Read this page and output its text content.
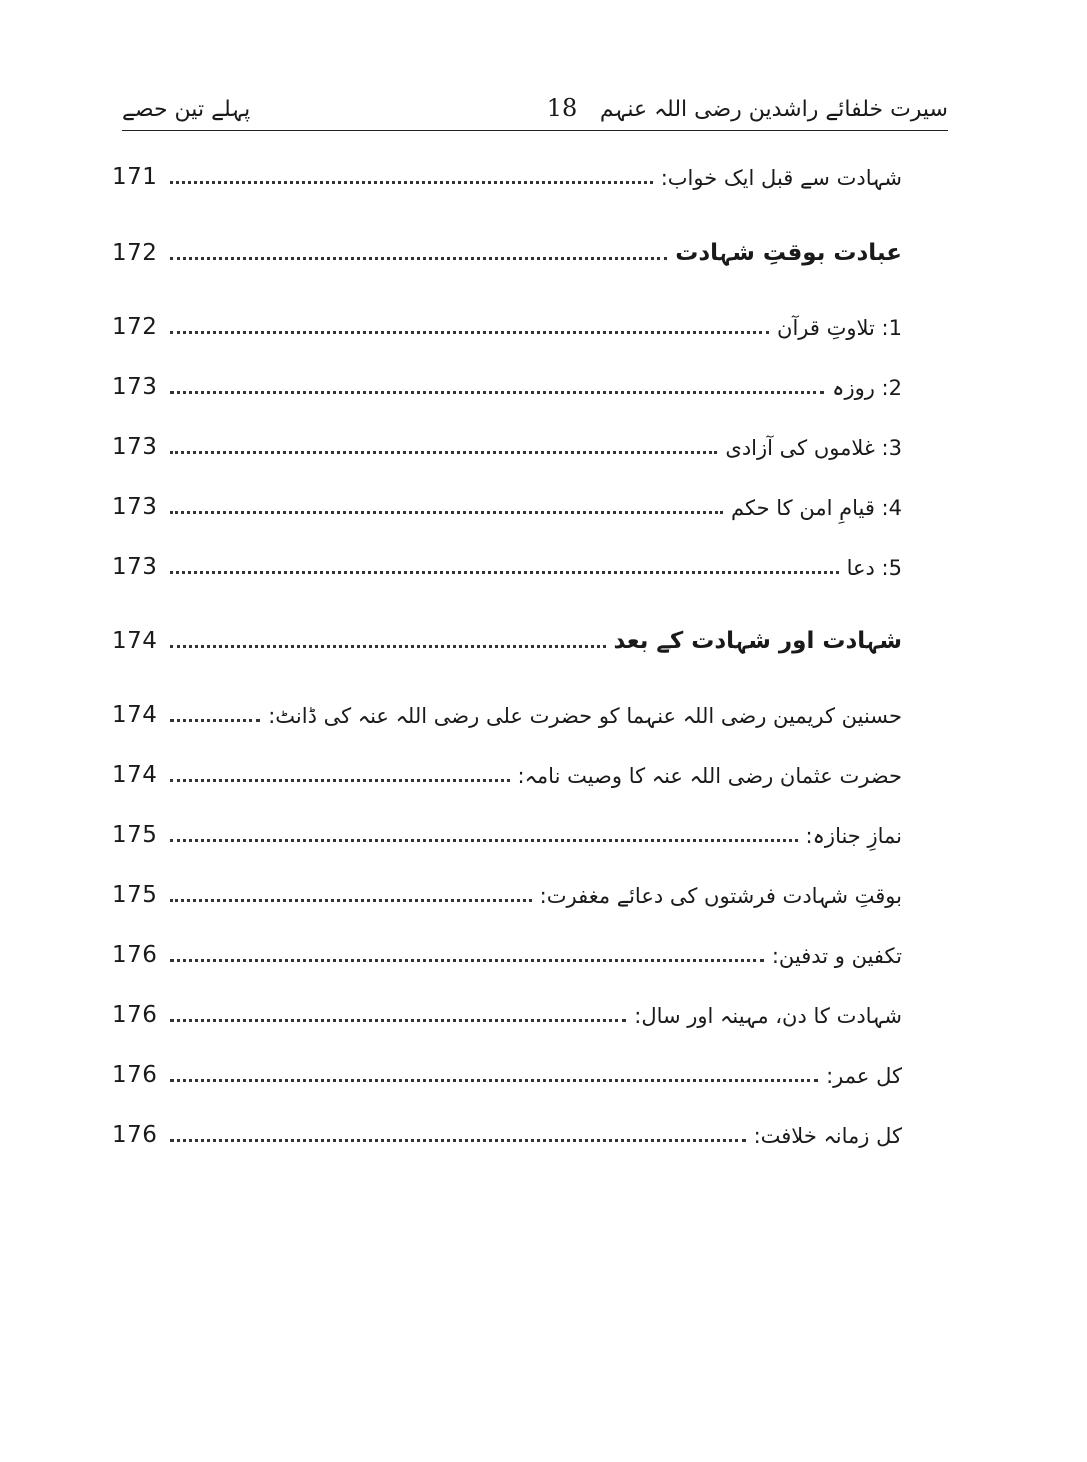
پہلے تین حصے	18 سیرت خلفائے راشدین رضی اللہ عنہم
171	شہادت سے قبل ایک خواب:
172	عبادت بوقتِ شہادت
172	1: تلاوتِ قرآن
173	2: روزہ
173	3: غلاموں کی آزادی
173	4: قیامِ امن کا حکم
173	5: دعا
174	شہادت اور شہادت کے بعد
174	حسنین کریمین رضی اللہ عنہما کو حضرت علی رضی اللہ عنہ کی ڈانٹ:
174	حضرت عثمان رضی اللہ عنہ کا وصیت نامہ:
175	نمازِ جنازہ:
175	بوقتِ شہادت فرشتوں کی دعائے مغفرت:
176	تکفین و تدفین:
176	شہادت کا دن، مہینہ اور سال:
176	کل عمر:
176	کل زمانہ خلافت:
